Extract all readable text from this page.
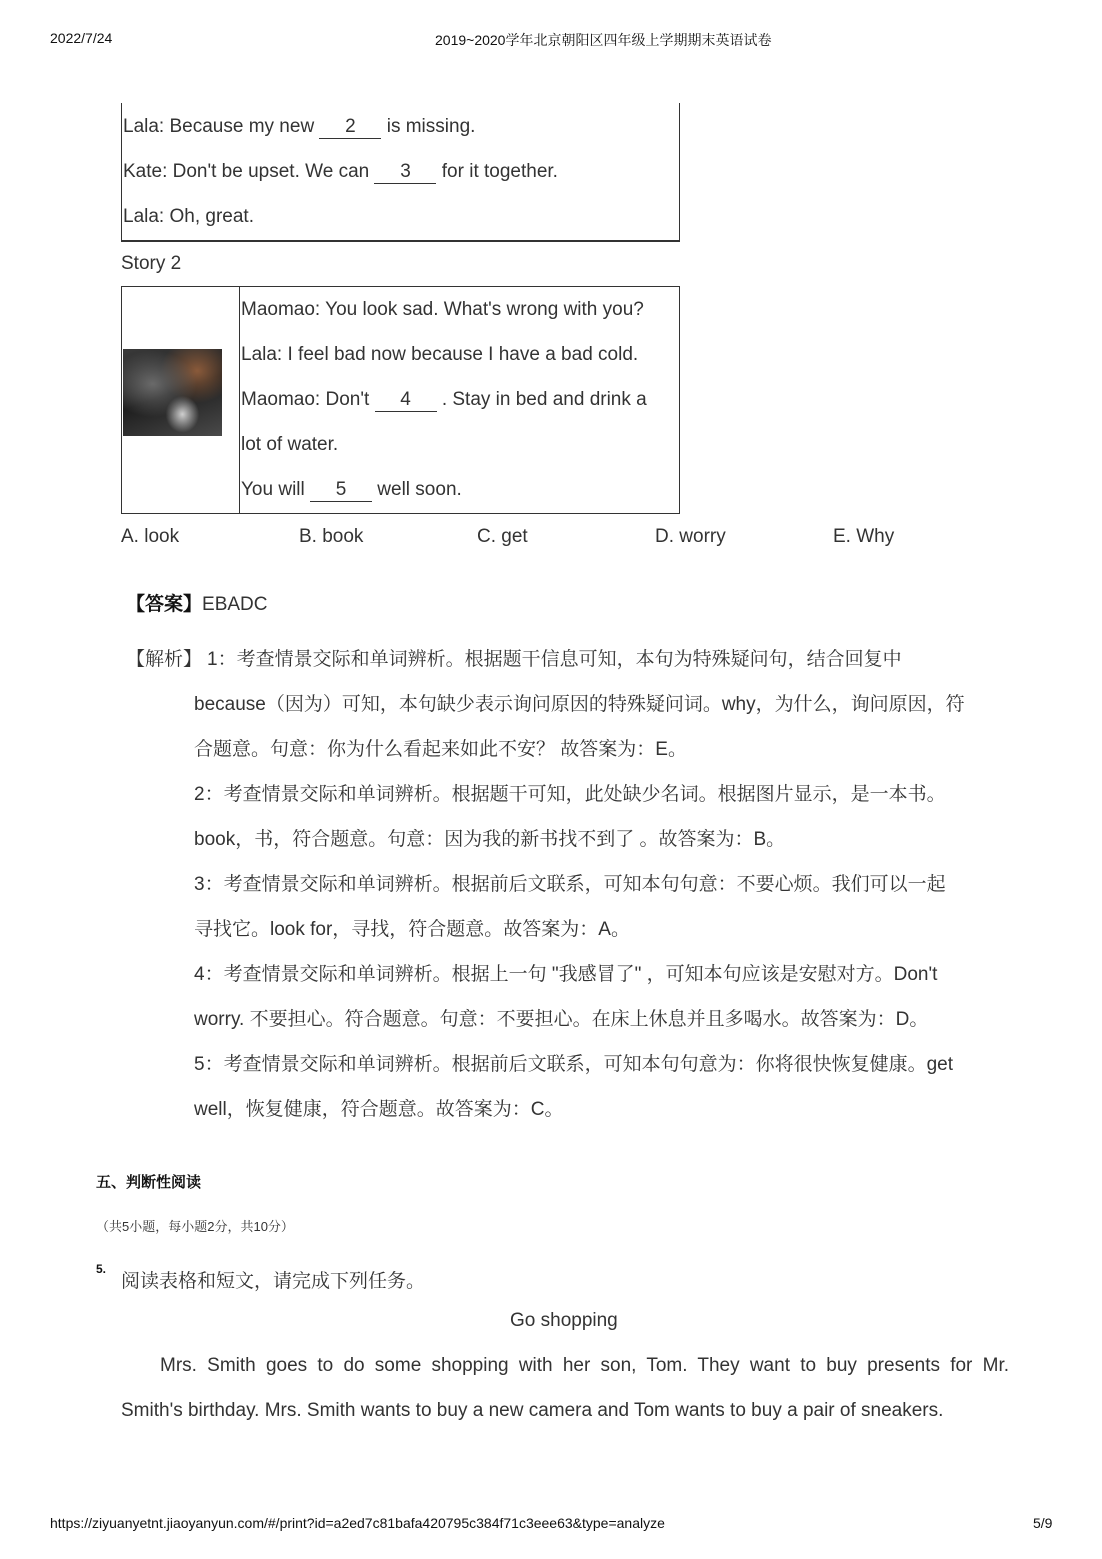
2022/7/24	2019~2020学年北京朝阳区四年级上学期期末英语试卷
Lala: Because my new 2 is missing.
Kate: Don't be upset. We can 3 for it together.
Lala: Oh, great.
Story 2
Maomao: You look sad. What's wrong with you?
Lala: I feel bad now because I have a bad cold.
Maomao: Don't 4 . Stay in bed and drink a
lot of water.
You will 5 well soon.
A. look	B. book	C. get	D. worry	E. Why
【答案】EBADC
【解析】 1：考查情景交际和单词辨析。根据题干信息可知，本句为特殊疑问句，结合回复中
because（因为）可知，本句缺少表示询问原因的特殊疑问词。why，为什么，询问原因，符
合题意。句意：你为什么看起来如此不安？ 故答案为：E。
2：考查情景交际和单词辨析。根据题干可知，此处缺少名词。根据图片显示，是一本书。
book，书，符合题意。句意：因为我的新书找不到了 。故答案为：B。
3：考查情景交际和单词辨析。根据前后文联系，可知本句句意：不要心烦。我们可以一起
寻找它。look for，寻找，符合题意。故答案为：A。
4：考查情景交际和单词辨析。根据上一句 "我感冒了" ，可知本句应该是安慰对方。Don't
worry. 不要担心。符合题意。句意：不要担心。在床上休息并且多喝水。故答案为：D。
5：考查情景交际和单词辨析。根据前后文联系，可知本句句意为：你将很快恢复健康。get
well，恢复健康，符合题意。故答案为：C。
五、判断性阅读
（共5小题，每小题2分，共10分）
5.
阅读表格和短文，请完成下列任务。
Go shopping
Mrs. Smith goes to do some shopping with her son, Tom. They want to buy presents for Mr.
Smith's birthday. Mrs. Smith wants to buy a new camera and Tom wants to buy a pair of sneakers.
https://ziyuanyetnt.jiaoyanyun.com/#/print?id=a2ed7c81bafa420795c384f71c3eee63&type=analyze	5/9
